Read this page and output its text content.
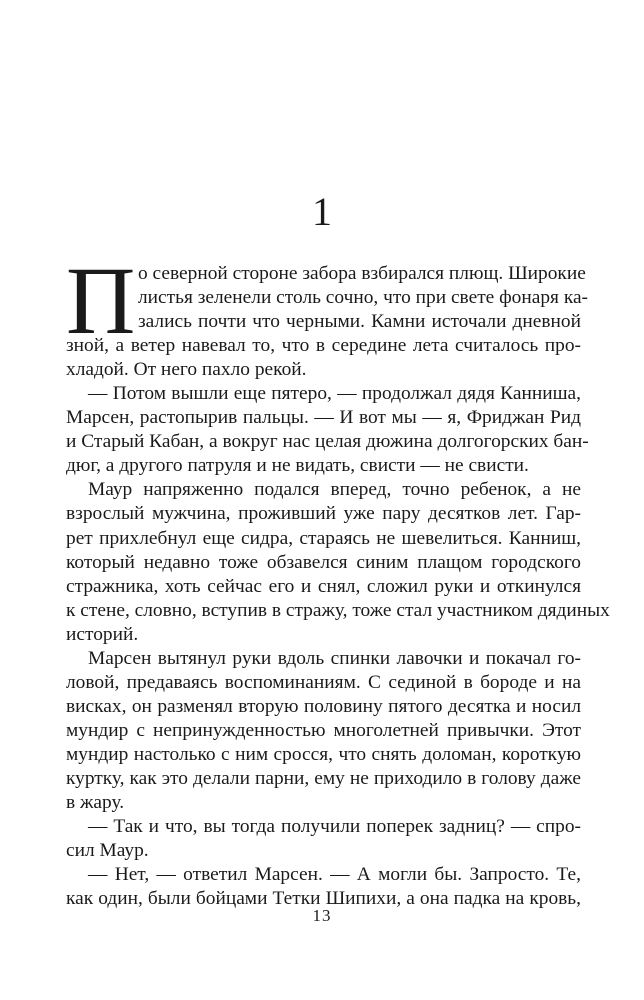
1
П о северной стороне забора взбирался плющ. Широкие
листья зеленели столь сочно, что при свете фонаря ка-
зались почти что черными. Камни источали дневной
зной, а ветер навевал то, что в середине лета считалось про-
хладой. От него пахло рекой.
— Потом вышли еще пятеро, — продолжал дядя Каннишa,
Марсен, растопырив пальцы. — И вот мы — я, Фриджан Рид
и Старый Кабан, а вокруг нас целая дюжина долгогорских бан-
дюг, а другого патруля и не видать, свисти — не свисти.
Маур напряженно подался вперед, точно ребенок, а не
взрослый мужчина, проживший уже пару десятков лет. Гар-
рет прихлебнул еще сидра, стараясь не шевелиться. Канниш,
который недавно тоже обзавелся синим плащом городского
стражника, хоть сейчас его и снял, сложил руки и откинулся
к стене, словно, вступив в стражу, тоже стал участником дядиных
историй.
Марсен вытянул руки вдоль спинки лавочки и покачал го-
ловой, предаваясь воспоминаниям. С сединой в бороде и на
висках, он разменял вторую половину пятого десятка и носил
мундир с непринужденностью многолетней привычки. Этот
мундир настолько с ним сросся, что снять доломан, короткую
куртку, как это делали парни, ему не приходило в голову даже
в жару.
— Так и что, вы тогда получили поперек задниц? — спро-
сил Маур.
— Нет, — ответил Марсен. — А могли бы. Запросто. Те,
как один, были бойцами Тетки Шипихи, а она падка на кровь,
13
